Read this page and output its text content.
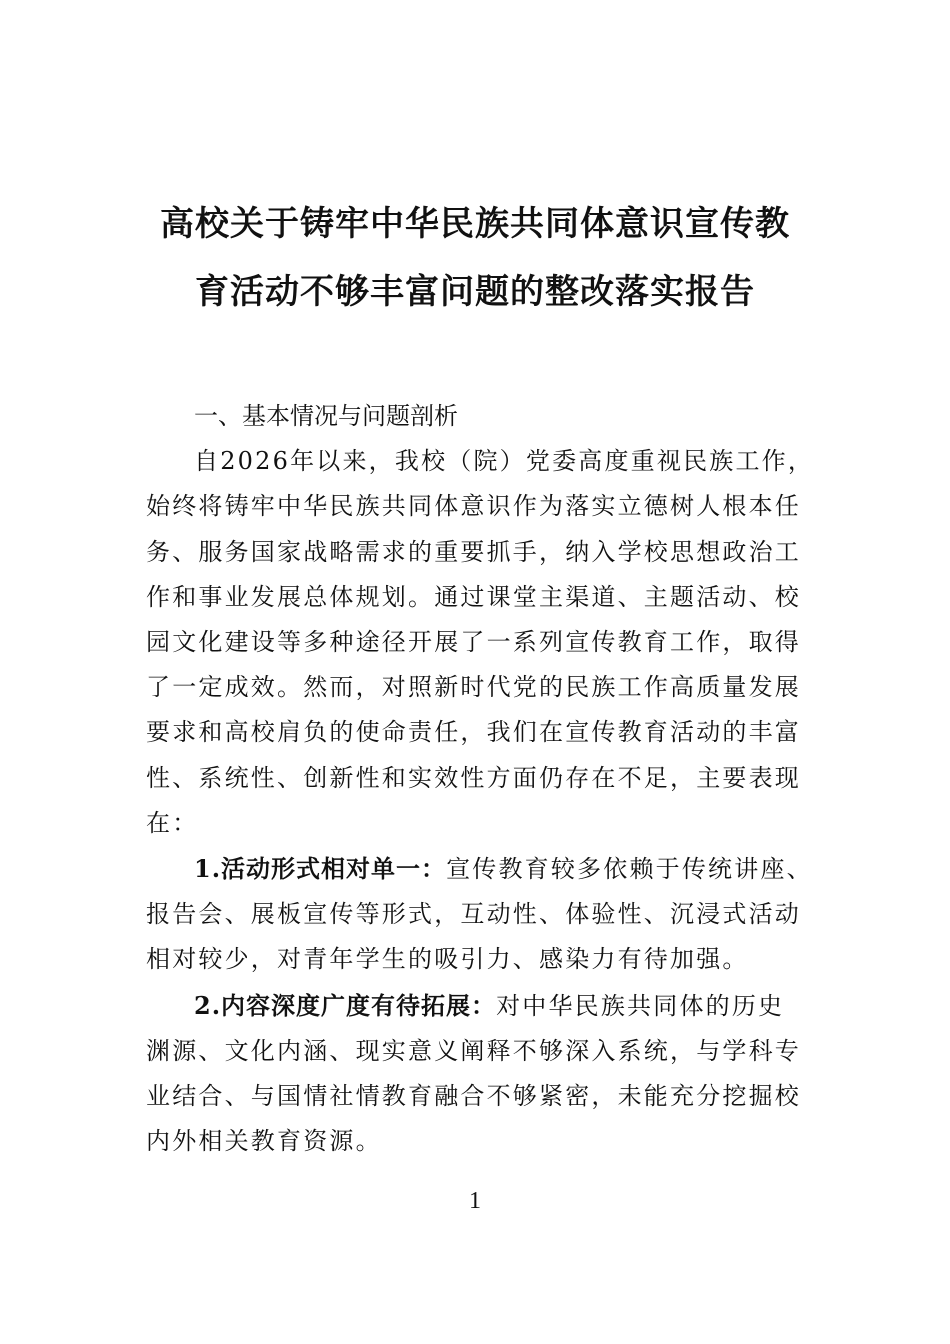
高校关于铸牢中华民族共同体意识宣传教
育活动不够丰富问题的整改落实报告
一、基本情况与问题剖析
自2026年以来，我校（院）党委高度重视民族工作，
始终将铸牢中华民族共同体意识作为落实立德树人根本任
务、服务国家战略需求的重要抓手，纳入学校思想政治工
作和事业发展总体规划。通过课堂主渠道、主题活动、校
园文化建设等多种途径开展了一系列宣传教育工作，取得
了一定成效。然而，对照新时代党的民族工作高质量发展
要求和高校肩负的使命责任，我们在宣传教育活动的丰富
性、系统性、创新性和实效性方面仍存在不足，主要表现
在：
1.活动形式相对单一：宣传教育较多依赖于传统讲座、
报告会、展板宣传等形式，互动性、体验性、沉浸式活动
相对较少，对青年学生的吸引力、感染力有待加强。
2.内容深度广度有待拓展：对中华民族共同体的历史
渊源、文化内涵、现实意义阐释不够深入系统，与学科专
业结合、与国情社情教育融合不够紧密，未能充分挖掘校
内外相关教育资源。
1
